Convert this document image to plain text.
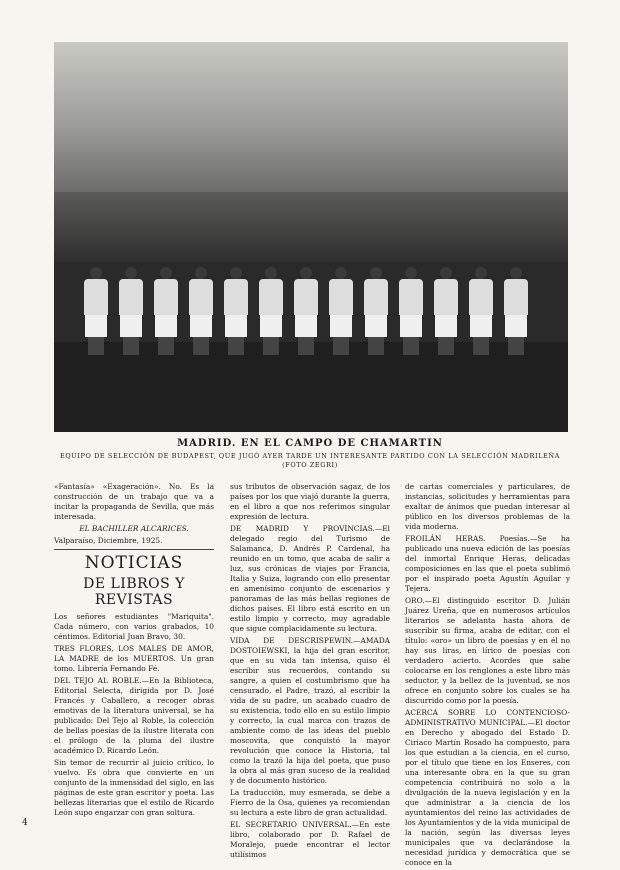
MADRID. EN EL CAMPO DE CHAMARTIN
EQUIPO DE SELECCIÓN DE BUDAPEST, QUE JUGÓ AYER TARDE UN INTERESANTE PARTIDO CON LA SELECCIÓN MADRILEÑA (FOTO ZEGRI)

«Fantasía» «Exageración». No. Es la construcción de un trabajo que va a incitar la propaganda de Sevilla, que más interesada.

EL BACHILLER ALCARICES.

Valparaíso, Diciembre, 1925.

NOTICIAS
DE LIBROS Y REVISTAS

Los señores estudiantes "Mariquita". Cada número, con varios grabados, 10 céntimos. Editorial Juan Bravo, 30.

TRES FLORES, LOS MALES DE AMOR, LA MADRE de los MUERTOS. Un gran tomo. Librería Fernando Fé.

DEL TEJO AL ROBLE.—En la Biblioteca, Editorial Selecta, dirigida por D. José Francés y Caballero, a recoger obras emotivas de la literatura universal, se ha publicado: Del Tejo al Roble, la colección de bellas poesías de la ilustre literata con el prólogo de la pluma del ilustre académico D. Ricardo León.

Sin temor de recurrir al juicio crítico, lo vuelvo. Es obra que convierte en un conjunto de la inmensidad del siglo, en las páginas de este gran escritor y poeta. Las bellezas literarias que el estilo de Ricardo León supo engarzar con gran soltura.

sus tributos de observación sagaz, de los países por los que viajó durante la guerra, en el libro a que nos referimos singular expresión de lectura.

DE MADRID Y PROVINCIAS.—El delegado regio del Turismo de Salamanca, D. Andrés P. Cardenal, ha reunido en un tomo, que acaba de salir a luz, sus crónicas de viajes por Francia, Italia y Suiza, logrando con ello presentar en amenísimo conjunto de escenarios y panoramas de las más bellas regiones de dichos países. El libro está escrito en un estilo limpio y correcto, muy agradable que sigue complacidamente su lectura.

VIDA DE DESCRISPEWIN.—AMADA DOSTOIEWSKI, la hija del gran escritor, que en su vida tan intensa, quiso él escribir sus recuerdos, contando su sangre, a quien el costumbrismo que ha censurado, el Padre, trazó, al escribir la vida de su padre, un acabado cuadro de su existencia, todo ello en su estilo limpio y correcto, la cual marca con trazos de ambiente como de las ideas del pueblo moscovita, que conquistó la mayor revolución que conoce la Historia, tal como la trazó la hija del poeta, que puso la obra al más gran suceso de la realidad y de documento histórico.

La traducción, muy esmerada, se debe a Fierro de la Osa, quienes ya recomiendan su lectura a este libro de gran actualidad.

EL SECRETARIO UNIVERSAL.—En este libro, colaborado por D. Rafael de Moralejo, puede encontrar el lector utilísimos

de cartas comerciales y particulares, de instancias, solicitudes y herramientas para exaltar de ánimos que puedan interesar al público en los diversos problemas de la vida moderna.

FROILÁN HERAS. Poesías.—Se ha publicado una nueva edición de las poesías del inmortal Enrique Heras, delicadas composiciones en las que el poeta sublimó por el inspirado poeta Agustín Aguilar y Tejera.

ORO.—El distinguido escritor D. Julián Juárez Ureña, que en numerosos artículos literarios se adelanta hasta ahora de suscribir su firma, acaba de editar, con el título: «oro» un libro de poesías y en él no hay sus liras, en lírico de poesías con verdadero acierto. Acordes que sabe colocarse en los renglones a este libro más seductor, y la bellez de la juventud, se nos ofrece en conjunto sobre los cuales se ha discurrido como por la poesía.

ACERCA SOBRE LO CONTENCIOSO-ADMINISTRATIVO MUNICIPAL.—El doctor en Derecho y abogado del Estado D. Ciriaco Martín Rosado ha compuesto, para los que estudian a la ciencia, en el curso, por el título que tiene en los Enseres, con una interesante obra en la que su gran competencia contribuirá no solo a la divulgación de la nueva legislación y en la que administrar a la ciencia de los ayuntamientos del reino las actividades de los Ayuntamientos y de la vida municipal de la nación, según las diversas leyes municipales que va declarándose la necesidad jurídica y democrática que se conoce en la

4
